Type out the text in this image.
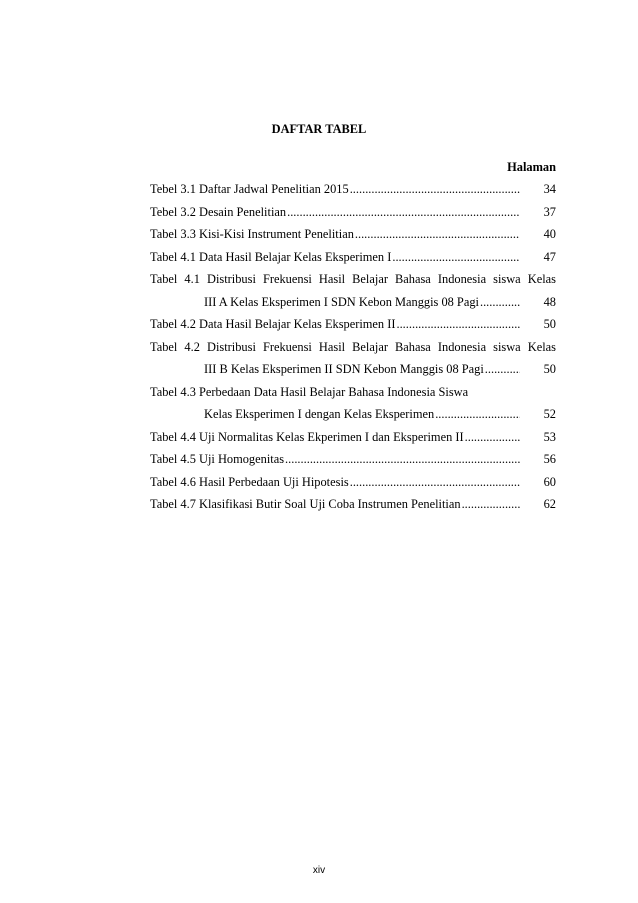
DAFTAR TABEL
Halaman
Tebel 3.1 Daftar Jadwal Penelitian 2015 .....	34
Tebel 3.2 Desain Penelitian .....	37
Tabel 3.3 Kisi-Kisi Instrument Penelitian .....	40
Tabel 4.1 Data Hasil Belajar Kelas Eksperimen I .....	47
Tabel 4.1 Distribusi Frekuensi Hasil Belajar Bahasa Indonesia siswa Kelas
III A Kelas Eksperimen I SDN Kebon Manggis 08 Pagi .....	48
Tabel 4.2 Data Hasil Belajar Kelas Eksperimen II .....	50
Tabel 4.2 Distribusi Frekuensi Hasil Belajar Bahasa Indonesia siswa Kelas
III B Kelas Eksperimen II SDN Kebon Manggis 08 Pagi .....	50
Tabel 4.3 Perbedaan Data Hasil Belajar Bahasa Indonesia Siswa
Kelas Eksperimen I dengan Kelas Eksperimen .....	52
Tabel 4.4 Uji Normalitas Kelas Ekperimen I dan Eksperimen II .....	53
Tabel 4.5 Uji Homogenitas .....	56
Tabel 4.6 Hasil Perbedaan Uji Hipotesis .....	60
Tabel 4.7 Klasifikasi Butir Soal Uji Coba Instrumen Penelitian .....	62
xiv
